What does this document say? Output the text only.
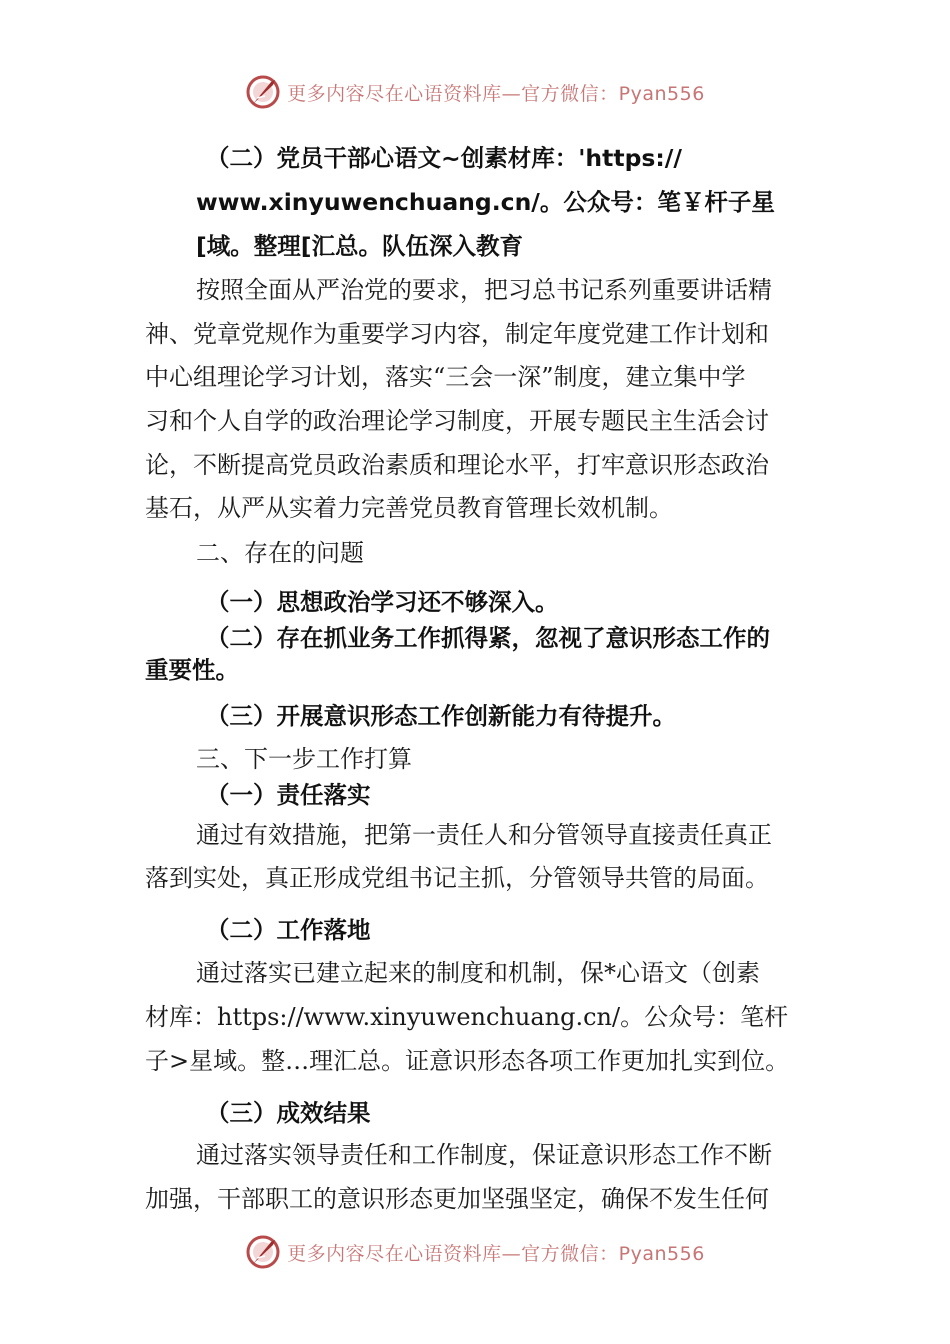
更多内容尽在心语资料库—官方微信：Pyan556
（二）党员干部心语文~创素材库：'https://
www.xinyuwenchuang.cn/。公众号：笔￥杆子星
[域。整理[汇总。队伍深入教育
按照全面从严治党的要求，把习总书记系列重要讲话精
神、党章党规作为重要学习内容，制定年度党建工作计划和
中心组理论学习计划，落实“三会一深”制度，建立集中学
习和个人自学的政治理论学习制度，开展专题民主生活会讨
论，不断提高党员政治素质和理论水平，打牢意识形态政治
基石，从严从实着力完善党员教育管理长效机制。
二、存在的问题
（一）思想政治学习还不够深入。
（二）存在抓业务工作抓得紧，忽视了意识形态工作的
重要性。
（三）开展意识形态工作创新能力有待提升。
三、下一步工作打算
（一）责任落实
通过有效措施，把第一责任人和分管领导直接责任真正
落到实处，真正形成党组书记主抓，分管领导共管的局面。
（二）工作落地
通过落实已建立起来的制度和机制，保*心语文（创素
材库：https://www.xinyuwenchuang.cn/。公众号：笔杆
子>星域。整…理汇总。证意识形态各项工作更加扎实到位。
（三）成效结果
通过落实领导责任和工作制度，保证意识形态工作不断
加强，干部职工的意识形态更加坚强坚定，确保不发生任何
更多内容尽在心语资料库—官方微信：Pyan556
